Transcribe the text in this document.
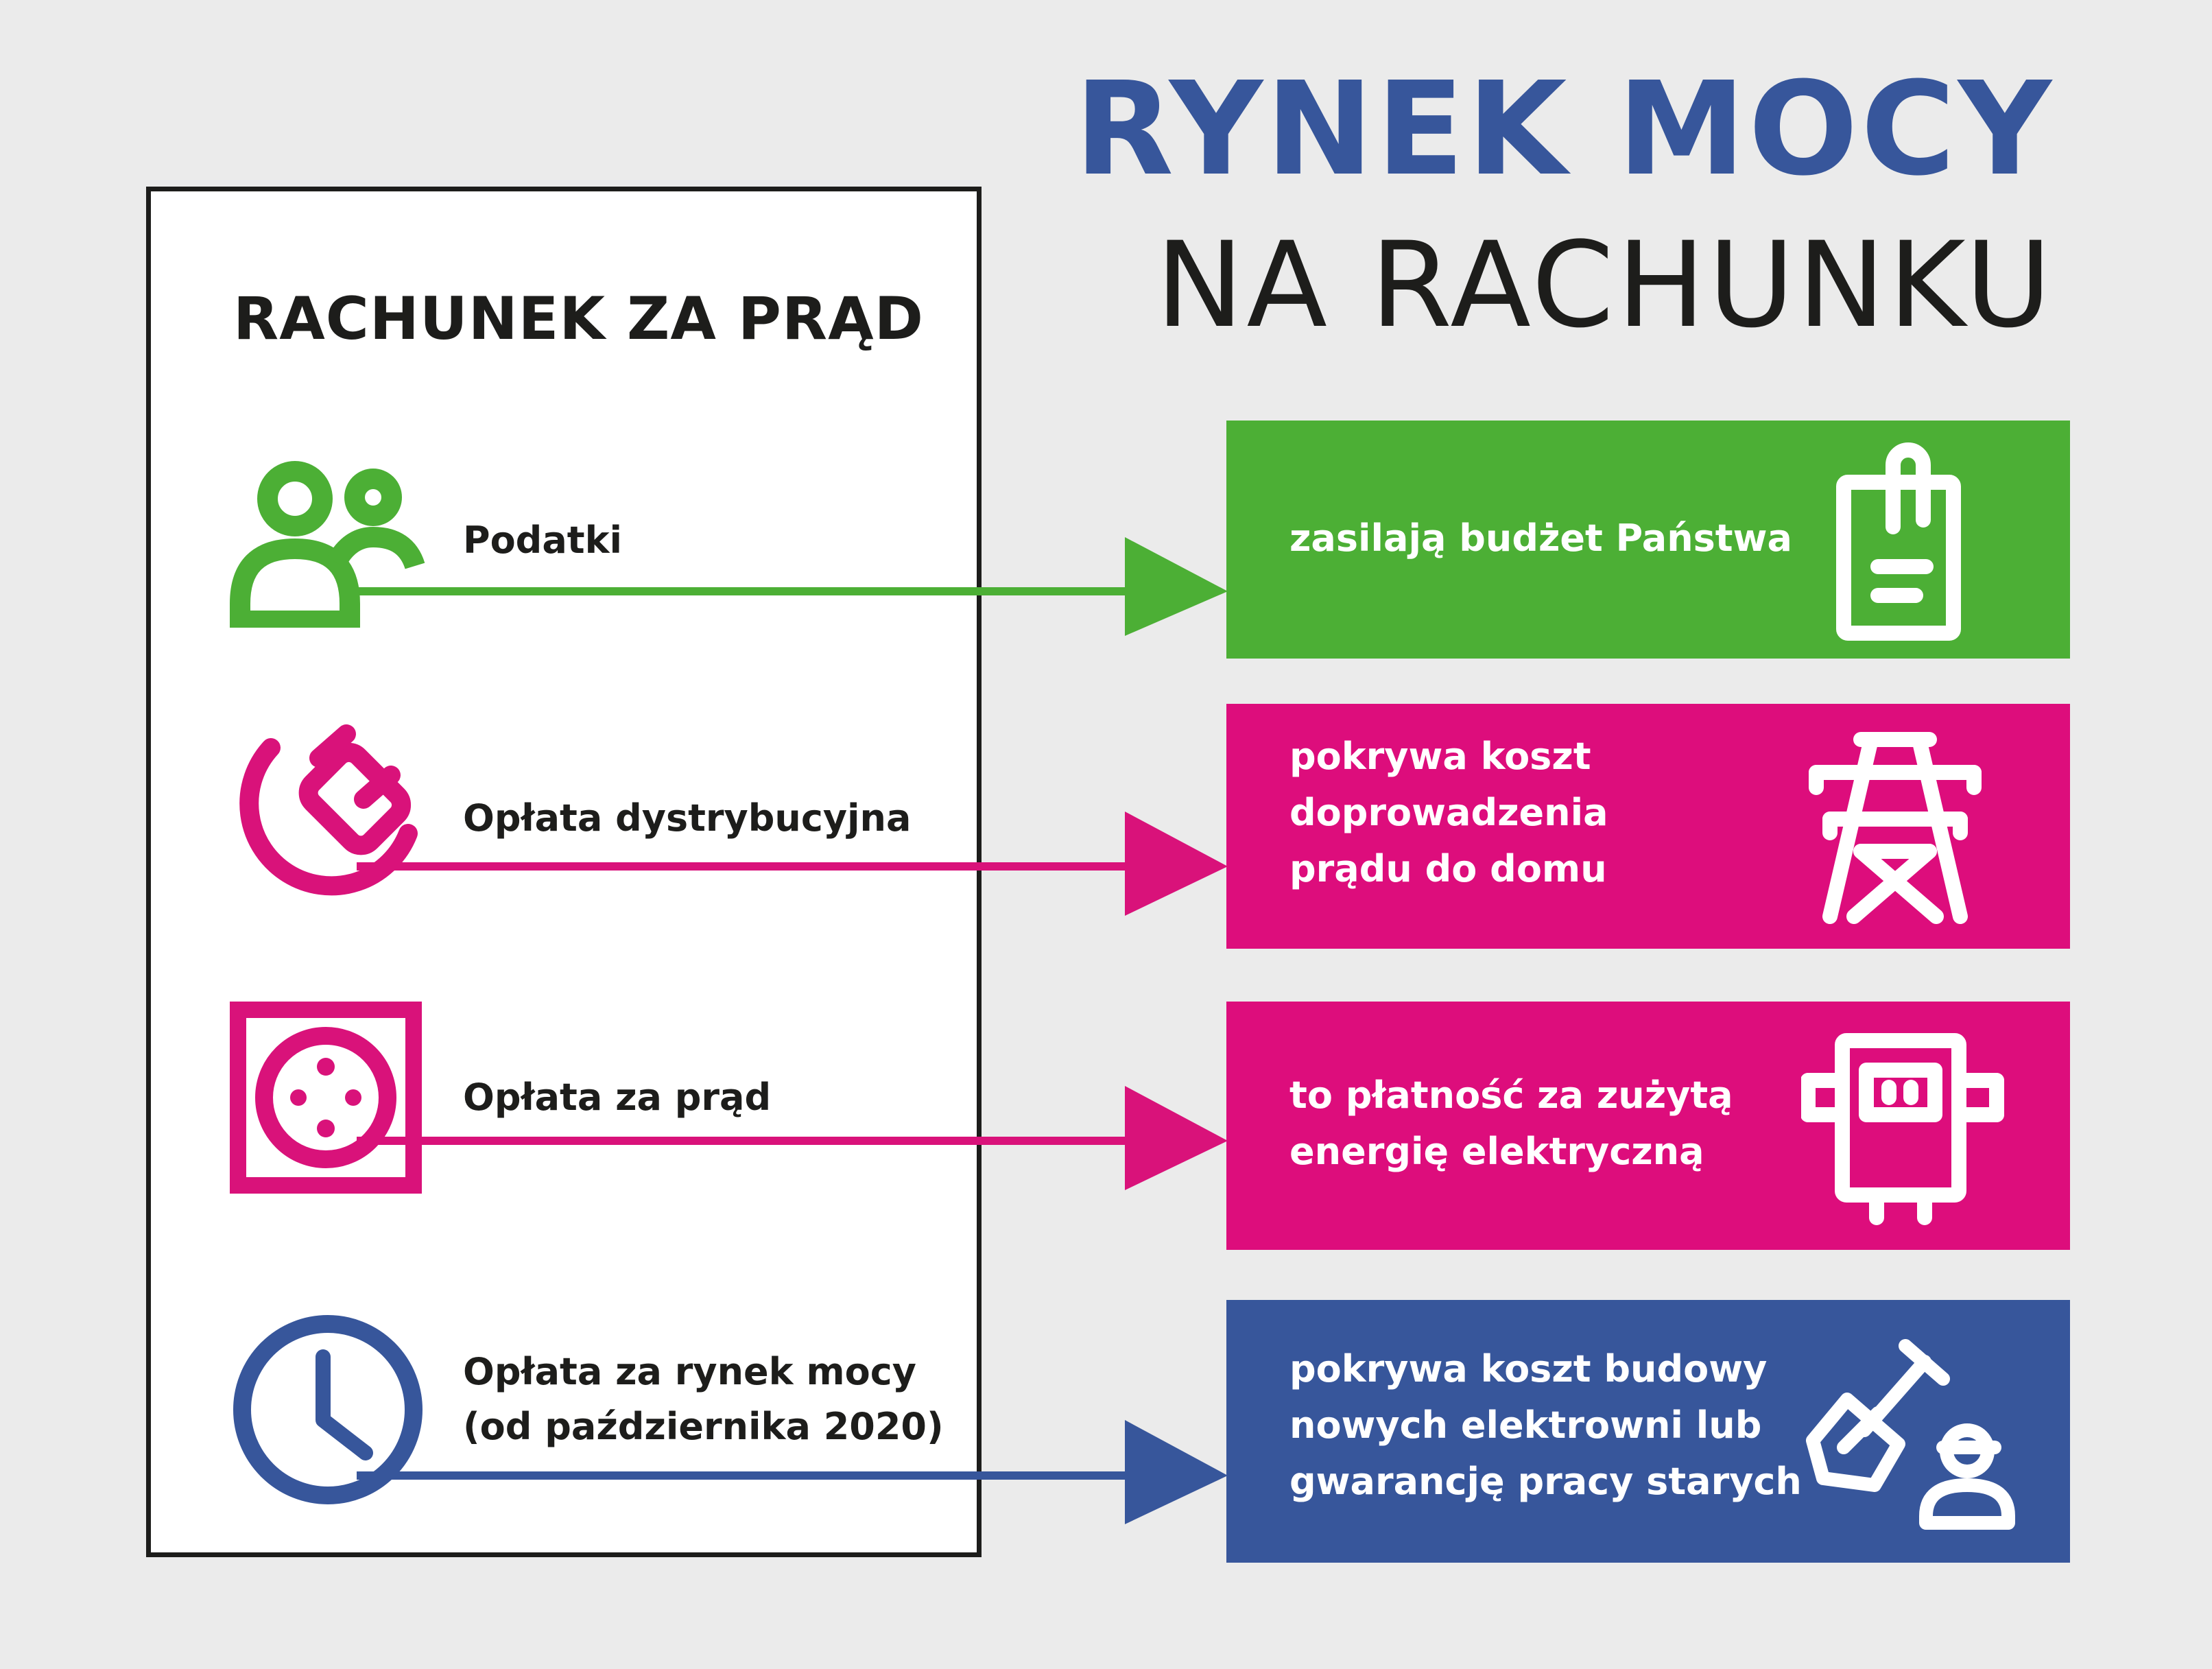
RYNEK MOCY
NA RACHUNKU
RACHUNEK ZA PRĄD
Podatki
Opłata dystrybucyjna
Opłata za prąd
Opłata za rynek mocy
(od października 2020)
zasilają budżet Państwa
pokrywa koszt
doprowadzenia
prądu do domu
to płatność za zużytą
energię elektryczną
pokrywa koszt budowy
nowych elektrowni lub
gwarancję pracy starych
